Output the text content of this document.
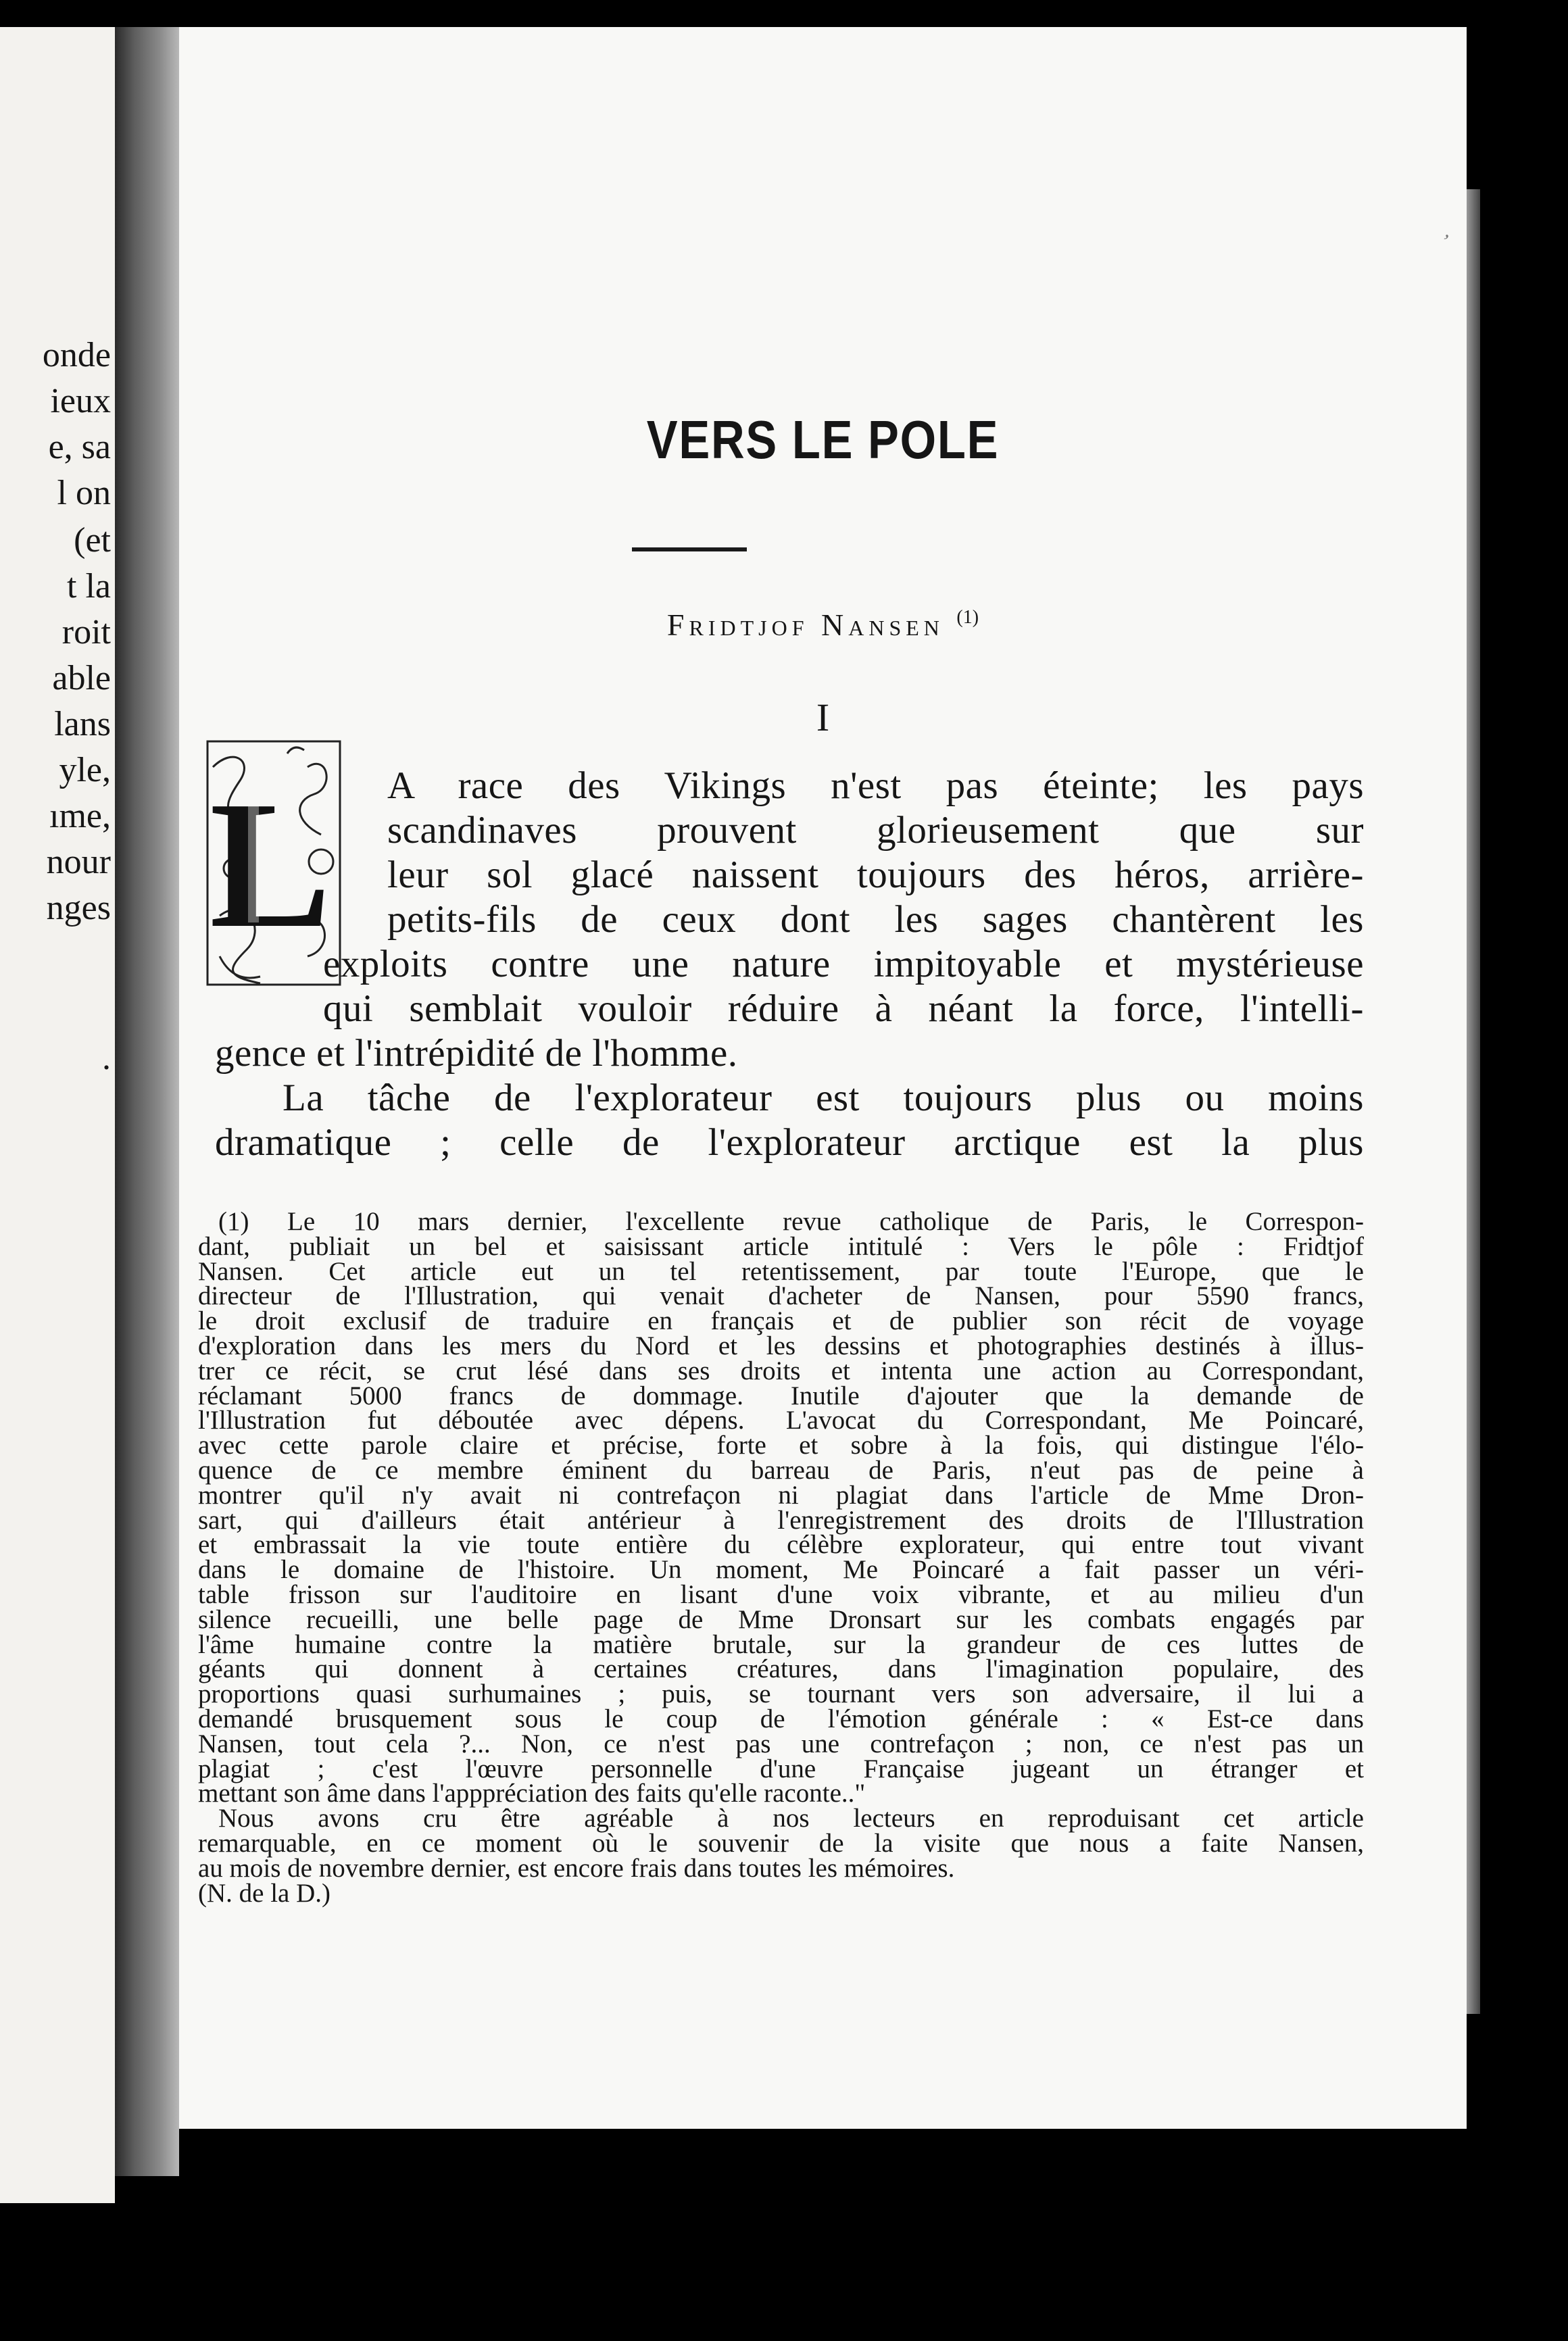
onde
ieux
e, sa
l on
(et
t la
roit
able
lans
yle,
ıme,
nour
nges
.
VERS LE POLE
Fridtjof Nansen $^{(1)}$
I
L A race des Vikings n'est pas éteinte; les pays
scandinaves prouvent glorieusement que sur
leur sol glacé naissent toujours des héros, arrière-
petits-fils de ceux dont les sages chantèrent les
exploits contre une nature impitoyable et mystérieuse
qui semblait vouloir réduire à néant la force, l'intelli-
gence et l'intrépidité de l'homme.
La tâche de l'explorateur est toujours plus ou moins
dramatique ; celle de l'explorateur arctique est la plus
(1) Le 10 mars dernier, l'excellente revue catholique de Paris, le Correspon-
dant, publiait un bel et saisissant article intitulé : Vers le pôle : Fridtjof
Nansen. Cet article eut un tel retentissement, par toute l'Europe, que le
directeur de l'Illustration, qui venait d'acheter de Nansen, pour 5590 francs,
le droit exclusif de traduire en français et de publier son récit de voyage
d'exploration dans les mers du Nord et les dessins et photographies destinés à illus-
trer ce récit, se crut lésé dans ses droits et intenta une action au Correspondant,
réclamant 5000 francs de dommage. Inutile d'ajouter que la demande de
l'Illustration fut déboutée avec dépens. L'avocat du Correspondant, Me Poincaré,
avec cette parole claire et précise, forte et sobre à la fois, qui distingue l'élo-
quence de ce membre éminent du barreau de Paris, n'eut pas de peine à
montrer qu'il n'y avait ni contrefaçon ni plagiat dans l'article de Mme Dron-
sart, qui d'ailleurs était antérieur à l'enregistrement des droits de l'Illustration
et embrassait la vie toute entière du célèbre explorateur, qui entre tout vivant
dans le domaine de l'histoire. Un moment, Me Poincaré a fait passer un véri-
table frisson sur l'auditoire en lisant d'une voix vibrante, et au milieu d'un
silence recueilli, une belle page de Mme Dronsart sur les combats engagés par
l'âme humaine contre la matière brutale, sur la grandeur de ces luttes de
géants qui donnent à certaines créatures, dans l'imagination populaire, des
proportions quasi surhumaines ; puis, se tournant vers son adversaire, il lui a
demandé brusquement sous le coup de l'émotion générale : « Est-ce dans
Nansen, tout cela ?... Non, ce n'est pas une contrefaçon ; non, ce n'est pas un
plagiat ; c'est l'œuvre personnelle d'une Française jugeant un étranger et
mettant son âme dans l'apppréciation des faits qu'elle raconte.."
Nous avons cru être agréable à nos lecteurs en reproduisant cet article
remarquable, en ce moment où le souvenir de la visite que nous a faite Nansen,
au mois de novembre dernier, est encore frais dans toutes les mémoires.
(N. de la D.)
,
